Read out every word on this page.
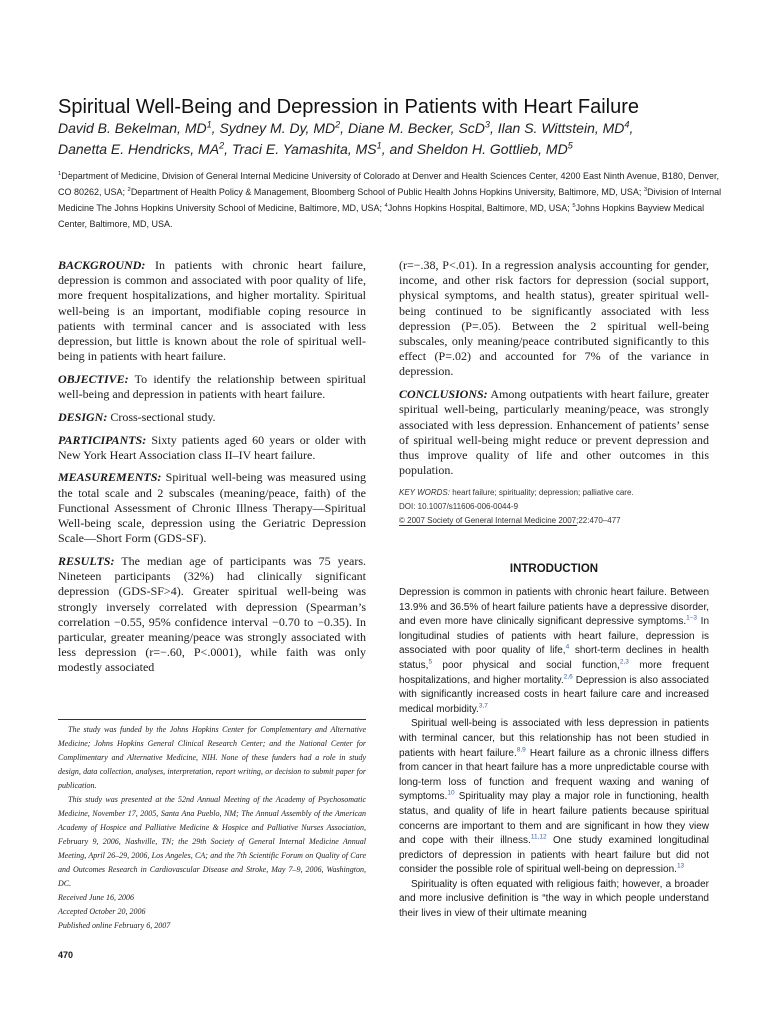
Spiritual Well-Being and Depression in Patients with Heart Failure
David B. Bekelman, $MD^1$, Sydney M. Dy, $MD^2$, Diane M. Becker, ScD$^3$, Ilan S. Wittstein, $MD^4$,
Danetta E. Hendricks, $MA^2$, Traci E. Yamashita, $MS^1$, and Sheldon H. Gottlieb, $MD^5$
$^1$Department of Medicine, Division of General Internal Medicine University of Colorado at Denver and Health Sciences Center, 4200 East Ninth Avenue, B180, Denver, CO 80262, USA; $^2$Department of Health Policy & Management, Bloomberg School of Public Health Johns Hopkins University, Baltimore, MD, USA; $^3$Division of Internal Medicine The Johns Hopkins University School of Medicine, Baltimore, MD, USA; $^4$Johns Hopkins Hospital, Baltimore, MD, USA; $^5$Johns Hopkins Bayview Medical Center, Baltimore, MD, USA.

BACKGROUND: In patients with chronic heart failure, depression is common and associated with poor quality of life, more frequent hospitalizations, and higher mortality. Spiritual well-being is an important, modifiable coping resource in patients with terminal cancer and is associated with less depression, but little is known about the role of spiritual well-being in patients with heart failure.

OBJECTIVE: To identify the relationship between spiritual well-being and depression in patients with heart failure.

DESIGN: Cross-sectional study.

PARTICIPANTS: Sixty patients aged 60 years or older with New York Heart Association class II–IV heart failure.

MEASUREMENTS: Spiritual well-being was measured using the total scale and 2 subscales (meaning/peace, faith) of the Functional Assessment of Chronic Illness Therapy—Spiritual Well-being scale, depression using the Geriatric Depression Scale—Short Form (GDS-SF).

RESULTS: The median age of participants was 75 years. Nineteen participants (32%) had clinically significant depression (GDS-SF>4). Greater spiritual well-being was strongly inversely correlated with depression (Spearman’s correlation −0.55, 95% confidence interval −0.70 to −0.35). In particular, greater meaning/peace was strongly associated with less depression (r=−.60, P<.0001), while faith was only modestly associated

(r=−.38, P<.01). In a regression analysis accounting for gender, income, and other risk factors for depression (social support, physical symptoms, and health status), greater spiritual well-being continued to be significantly associated with less depression (P=.05). Between the 2 spiritual well-being subscales, only meaning/peace contributed significantly to this effect (P=.02) and accounted for 7% of the variance in depression.

CONCLUSIONS: Among outpatients with heart failure, greater spiritual well-being, particularly meaning/peace, was strongly associated with less depression. Enhancement of patients’ sense of spiritual well-being might reduce or prevent depression and thus improve quality of life and other outcomes in this population.

KEY WORDS: heart failure; spirituality; depression; palliative care.
DOI: 10.1007/s11606-006-0044-9
© 2007 Society of General Internal Medicine 2007;22:470–477
INTRODUCTION

Depression is common in patients with chronic heart failure. Between 13.9% and 36.5% of heart failure patients have a depressive disorder, and even more have clinically significant depressive symptoms.$^{1-3}$ In longitudinal studies of patients with heart failure, depression is associated with poor quality of life,$^4$ short-term declines in health status,$^5$ poor physical and social function,$^{2,3}$ more frequent hospitalizations, and higher mortality.$^{2,6}$ Depression is also associated with significantly increased costs in heart failure care and increased medical morbidity.$^{3,7}$

Spiritual well-being is associated with less depression in patients with terminal cancer, but this relationship has not been studied in patients with heart failure.$^{8,9}$ Heart failure as a chronic illness differs from cancer in that heart failure has a more unpredictable course with long-term loss of function and frequent waxing and waning of symptoms.$^{10}$ Spirituality may play a major role in functioning, health status, and quality of life in heart failure patients because spiritual concerns are important to them and are significant in how they view and cope with their illness.$^{11,12}$ One study examined longitudinal predictors of depression in patients with heart failure but did not consider the possible role of spiritual well-being on depression.$^{13}$

Spirituality is often equated with religious faith; however, a broader and more inclusive definition is “the way in which people understand their lives in view of their ultimate meaning

The study was funded by the Johns Hopkins Center for Complementary and Alternative Medicine; Johns Hopkins General Clinical Research Center; and the National Center for Complimentary and Alternative Medicine, NIH. None of these funders had a role in study design, data collection, analyses, interpretation, report writing, or decision to submit paper for publication.

This study was presented at the 52nd Annual Meeting of the Academy of Psychosomatic Medicine, November 17, 2005, Santa Ana Pueblo, NM; The Annual Assembly of the American Academy of Hospice and Palliative Medicine & Hospice and Palliative Nurses Association, February 9, 2006, Nashville, TN; the 29th Society of General Internal Medicine Annual Meeting, April 26–29, 2006, Los Angeles, CA; and the 7th Scientific Forum on Quality of Care and Outcomes Research in Cardiovascular Disease and Stroke, May 7–9, 2006, Washington, DC.

Received June 16, 2006

Accepted October 20, 2006

Published online February 6, 2007

470
